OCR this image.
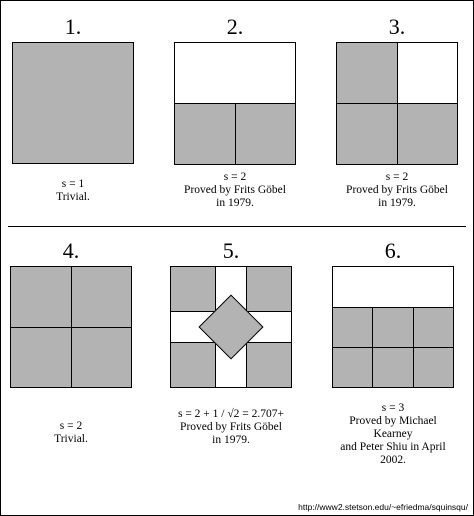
1.
s = 1
Trivial.
2.
s = 2
Proved by Frits Göbel
in 1979.
3.
s = 2
Proved by Frits Göbel
in 1979.
4.
s = 2
Trivial.
5.
s = 2 + 1 / √2 = 2.707+
Proved by Frits Göbel
in 1979.
6.
s = 3
Proved by Michael
Kearney
and Peter Shiu in April
2002.
http://www2.stetson.edu/~efriedma/squinsqu/
